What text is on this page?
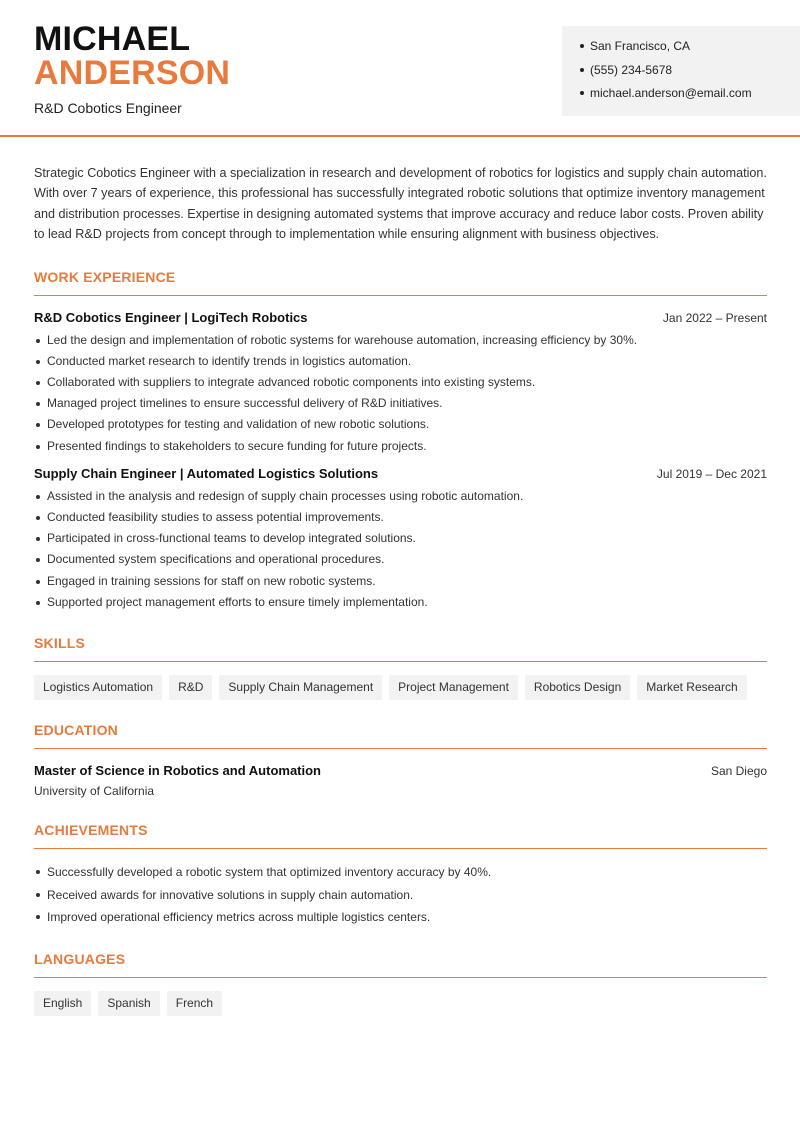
MICHAEL
ANDERSON
R&D Cobotics Engineer
San Francisco, CA
(555) 234-5678
michael.anderson@email.com

Strategic Cobotics Engineer with a specialization in research and development of robotics for logistics and supply chain automation. With over 7 years of experience, this professional has successfully integrated robotic solutions that optimize inventory management and distribution processes. Expertise in designing automated systems that improve accuracy and reduce labor costs. Proven ability to lead R&D projects from concept through to implementation while ensuring alignment with business objectives.

WORK EXPERIENCE
R&D Cobotics Engineer | LogiTech Robotics	Jan 2022 – Present
Led the design and implementation of robotic systems for warehouse automation, increasing efficiency by 30%.
Conducted market research to identify trends in logistics automation.
Collaborated with suppliers to integrate advanced robotic components into existing systems.
Managed project timelines to ensure successful delivery of R&D initiatives.
Developed prototypes for testing and validation of new robotic solutions.
Presented findings to stakeholders to secure funding for future projects.
Supply Chain Engineer | Automated Logistics Solutions	Jul 2019 – Dec 2021
Assisted in the analysis and redesign of supply chain processes using robotic automation.
Conducted feasibility studies to assess potential improvements.
Participated in cross-functional teams to develop integrated solutions.
Documented system specifications and operational procedures.
Engaged in training sessions for staff on new robotic systems.
Supported project management efforts to ensure timely implementation.
SKILLS
Logistics Automation	R&D	Supply Chain Management	Project Management	Robotics Design	Market Research
EDUCATION
Master of Science in Robotics and Automation	San Diego
University of California
ACHIEVEMENTS
Successfully developed a robotic system that optimized inventory accuracy by 40%.
Received awards for innovative solutions in supply chain automation.
Improved operational efficiency metrics across multiple logistics centers.
LANGUAGES
English	Spanish	French
